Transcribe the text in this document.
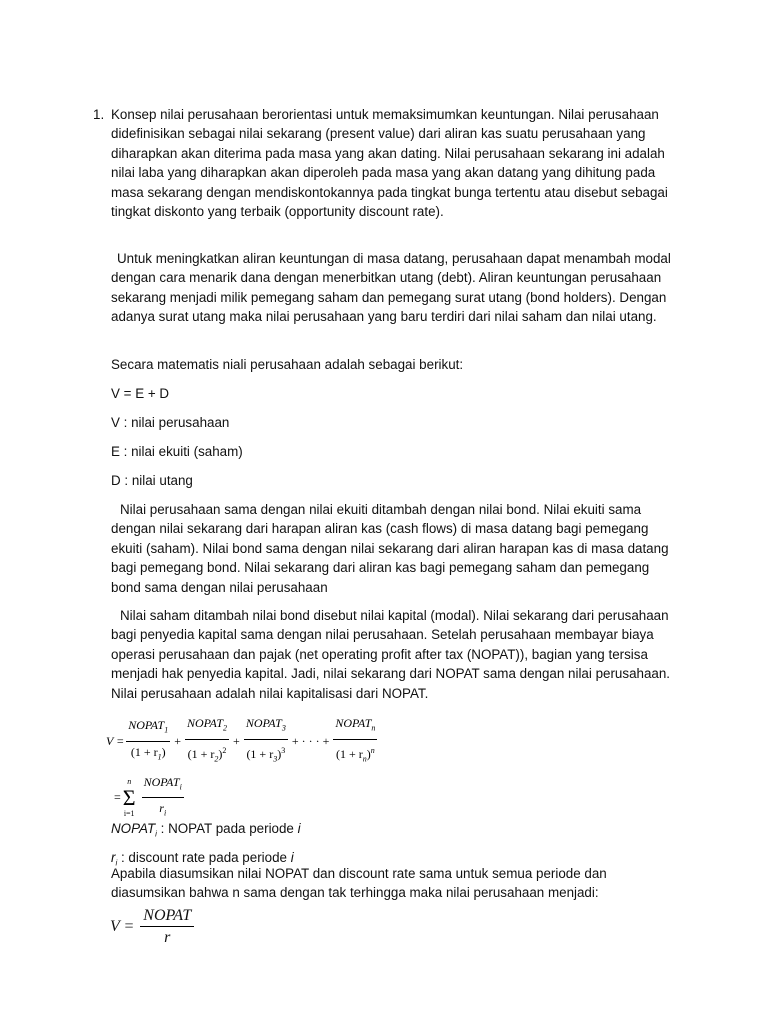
1. Konsep nilai perusahaan berorientasi untuk memaksimumkan keuntungan. Nilai perusahaan didefinisikan sebagai nilai sekarang (present value) dari aliran kas suatu perusahaan yang diharapkan akan diterima pada masa yang akan dating. Nilai perusahaan sekarang ini adalah nilai laba yang diharapkan akan diperoleh pada masa yang akan datang yang dihitung pada masa sekarang dengan mendiskontokannya pada tingkat bunga tertentu atau disebut sebagai tingkat diskonto yang terbaik (opportunity discount rate).

Untuk meningkatkan aliran keuntungan di masa datang, perusahaan dapat menambah modal dengan cara menarik dana dengan menerbitkan utang (debt). Aliran keuntungan perusahaan sekarang menjadi milik pemegang saham dan pemegang surat utang (bond holders). Dengan adanya surat utang maka nilai perusahaan yang baru terdiri dari nilai saham dan nilai utang.

Secara matematis niali perusahaan adalah sebagai berikut:

V = E + D

V : nilai perusahaan

E : nilai ekuiti (saham)

D : nilai utang

Nilai perusahaan sama dengan nilai ekuiti ditambah dengan nilai bond. Nilai ekuiti sama dengan nilai sekarang dari harapan aliran kas (cash flows) di masa datang bagi pemegang ekuiti (saham). Nilai bond sama dengan nilai sekarang dari aliran harapan kas di masa datang bagi pemegang bond. Nilai sekarang dari aliran kas bagi pemegang saham dan pemegang bond sama dengan nilai perusahaan

Nilai saham ditambah nilai bond disebut nilai kapital (modal). Nilai sekarang dari perusahaan bagi penyedia kapital sama dengan nilai perusahaan. Setelah perusahaan membayar biaya operasi perusahaan dan pajak (net operating profit after tax (NOPAT)), bagian yang tersisa menjadi hak penyedia kapital. Jadi, nilai sekarang dari NOPAT sama dengan nilai perusahaan. Nilai perusahaan adalah nilai kapitalisasi dari NOPAT.

$V = \frac{NOPAT_1}{(1 + r_1)} + \frac{NOPAT_2}{(1 + r_2)^2} + \frac{NOPAT_3}{(1 + r_3)^3}$ + · · · + $\frac{NOPAT_n}{(1 + r_n)^n}$
=
n
Σ
$i=1 \frac{NOPAT_i}{r_i}$

$NOPAT_i$ : NOPAT pada periode i

$r_i$ : discount rate pada periode i

Apabila diasumsikan nilai NOPAT dan discount rate sama untuk semua periode dan diasumsikan bahwa n sama dengan tak terhingga maka nilai perusahaan menjadi:

$V = \frac{\text{NOPAT}}{r}$
